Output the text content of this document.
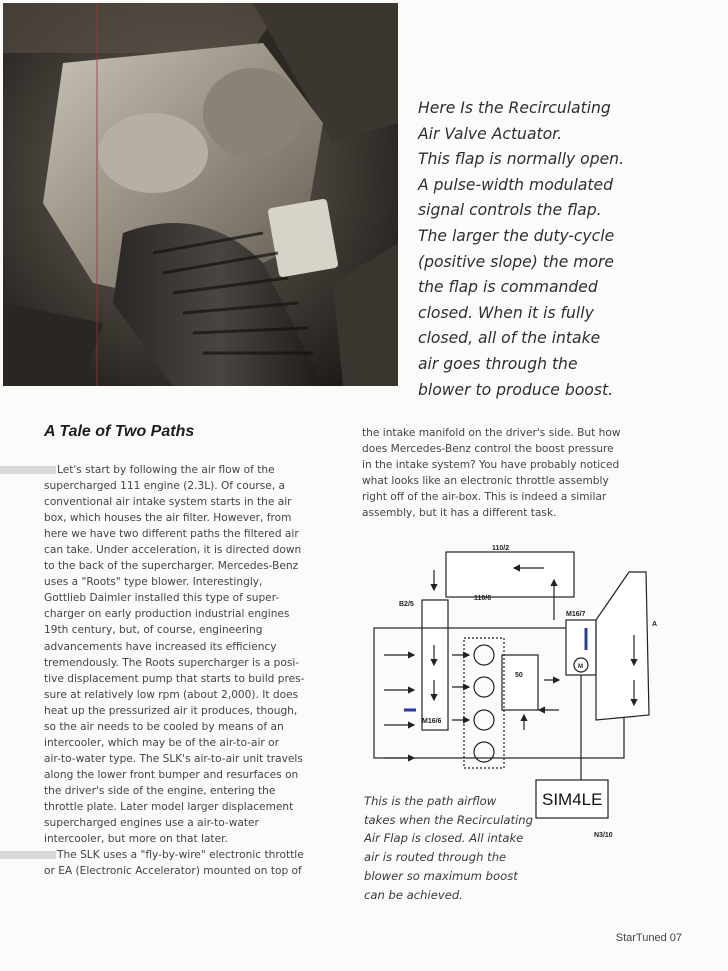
Here Is the Recirculating
Air Valve Actuator.
This flap is normally open.
A pulse-width modulated
signal controls the flap.
The larger the duty-cycle
(positive slope) the more
the flap is commanded
closed. When it is fully
closed, all of the intake
air goes through the
blower to produce boost.
A Tale of Two Paths
Let's start by following the air flow of the
supercharged 111 engine (2.3L). Of course, a
conventional air intake system starts in the air
box, which houses the air filter. However, from
here we have two different paths the filtered air
can take. Under acceleration, it is directed down
to the back of the supercharger. Mercedes-Benz
uses a "Roots" type blower. Interestingly,
Gottlieb Daimler installed this type of super-
charger on early production industrial engines
19th century, but, of course, engineering
advancements have increased its efficiency
tremendously. The Roots supercharger is a posi-
tive displacement pump that starts to build pres-
sure at relatively low rpm (about 2,000). It does
heat up the pressurized air it produces, though,
so the air needs to be cooled by means of an
intercooler, which may be of the air-to-air or
air-to-water type. The SLK's air-to-air unit travels
along the lower front bumper and resurfaces on
the driver's side of the engine, entering the
throttle plate. Later model larger displacement
supercharged engines use a air-to-water
intercooler, but more on that later.
The SLK uses a "fly-by-wire" electronic throttle
or EA (Electronic Accelerator) mounted on top of
the intake manifold on the driver's side. But how
does Mercedes-Benz control the boost pressure
in the intake system? You have probably noticed
what looks like an electronic throttle assembly
right off of the air-box. This is indeed a similar
assembly, but it has a different task.
110/2
B2/5
110/6
M16/7
50
M
M16/6
A
N3/10
SIM4LE
This is the path airflow
takes when the Recirculating
Air Flap is closed. All intake
air is routed through the
blower so maximum boost
can be achieved.
StarTuned 07
